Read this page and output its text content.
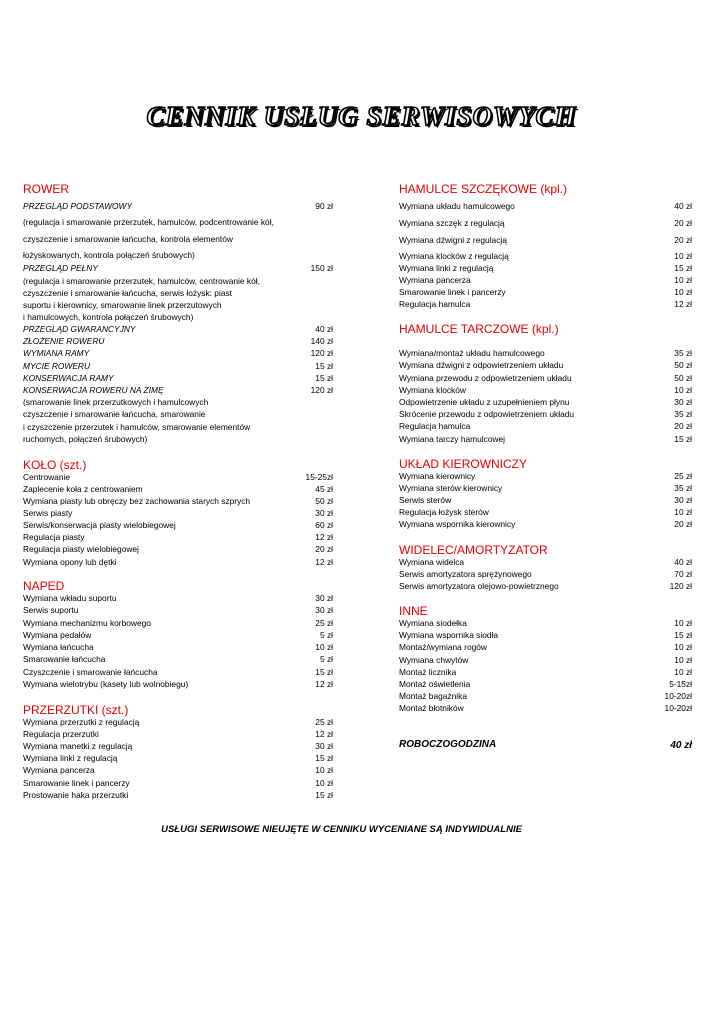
CENNIK USŁUG SERWISOWYCH
ROWER
PRZEGLĄD PODSTAWOWY	90 zł
(regulacja i smarowanie przerzutek, hamulców, podcentrowanie kół,
czyszczenie i smarowanie łańcucha, kontrola elementów
łożyskowanych, kontrola połączeń śrubowych)
PRZEGLĄD PEŁNY	150 zł
(regulacja i smarowanie przerzutek, hamulców, centrowanie kół,
czyszczenie i smarowanie łańcucha, serwis łożysk: piast
suportu i kierownicy, smarowanie linek przerzutowych
i hamulcowych, kontrola połączeń śrubowych)
PRZEGLĄD GWARANCYJNY	40 zł
ZŁOŻENIE ROWERU	140 zł
WYMIANA RAMY	120 zł
MYCIE ROWERU	15 zł
KONSERWACJA RAMY	15 zł
KONSERWACJA ROWERU NA ZIMĘ	120 zł
(smarowanie linek przerzutkowych i hamulcowych
czyszczenie i smarowanie łańcucha, smarowanie
i czyszczenie przerzutek i hamulców, smarowanie elementów
ruchomych, połączeń śrubowych)
KOŁO (szt.)
NAPED
PRZERZUTKI (szt.)
HAMULCE SZCZĘKOWE (kpl.)
HAMULCE TARCZOWE (kpl.)
UKŁAD KIEROWNICZY
WIDELEC/AMORTYZATOR
INNE
ROBOCZOGODZINA	40 zł
USŁUGI SERWISOWE NIEUJĘTE W CENNIKU WYCENIANE SĄ INDYWIDUALNIE
Centrowanie	15-25zł
Zaplecenie koła z centrowaniem	45 zł
Wymiana piasty lub obręczy bez zachowania starych szprych	50 zł
Serwis piasty	30 zł
Serwis/konserwacja piasty wielobiegowej	60 zł
Regulacja piasty	12 zł
Regulacja piasty wielobiegowej	20 zł
Wymiana opony lub dętki	12 zł
Wymiana wkładu suportu	30 zł
Serwis suportu	30 zł
Wymiana mechanizmu korbowego	25 zł
Wymiana pedałów	5 zł
Wymiana łańcucha	10 zł
Smarowanie łańcucha	5 zł
Czyszczenie i smarowanie łańcucha	15 zł
Wymiana wielotrybu (kasety lub wolnobiegu)	12 zł
Wymiana przerzutki z regulacją	25 zł
Regulacja przerzutki	12 zł
Wymiana manetki z regulacją	30 zł
Wymiana linki z regulacją	15 zł
Wymiana pancerza	10 zł
Smarowanie linek i pancerzy	10 zł
Prostowanie haka przerzutki	15 zł
Wymiana układu hamulcowego	40 zł
Wymiana szczęk z regulacją	20 zł
Wymiana dźwigni z regulacją	20 zł
Wymiana klocków z regulacją	10 zł
Wymiana linki z regulacją	15 zł
Wymiana pancerza	10 zł
Smarowanie linek i pancerzy	10 zł
Regulacja hamulca	12 zł
Wymiana/montaż układu hamulcowego	35 zł
Wymiana dźwigni z odpowietrzeniem układu	50 zł
Wymiana przewodu z odpowietrzeniem układu	50 zł
Wymiana klocków	10 zł
Odpowietrzenie układu z uzupełnieniem płynu	30 zł
Skrócenie przewodu z odpowietrzeniem układu	35 zł
Regulacja hamulca	20 zł
Wymiana tarczy hamulcowej	15 zł
Wymiana kierownicy	25 zł
Wymiana sterów kierownicy	35 zł
Serwis sterów	30 zł
Regulacja łożysk sterów	10 zł
Wymiana wspornika kierownicy	20 zł
Wymiana widelca	40 zł
Serwis amortyzatora sprężynowego	70 zł
Serwis amortyzatora olejowo-powietrznego	120 zł
Wymiana siodełka	10 zł
Wymiana wspornika siodła	15 zł
Montaż/wymiana rogów	10 zł
Wymiana chwytów	10 zł
Montaż licznika	10 zł
Montaż oświetlenia	5-15zł
Montaż bagażnika	10-20zł
Montaż błotników	10-20zł
